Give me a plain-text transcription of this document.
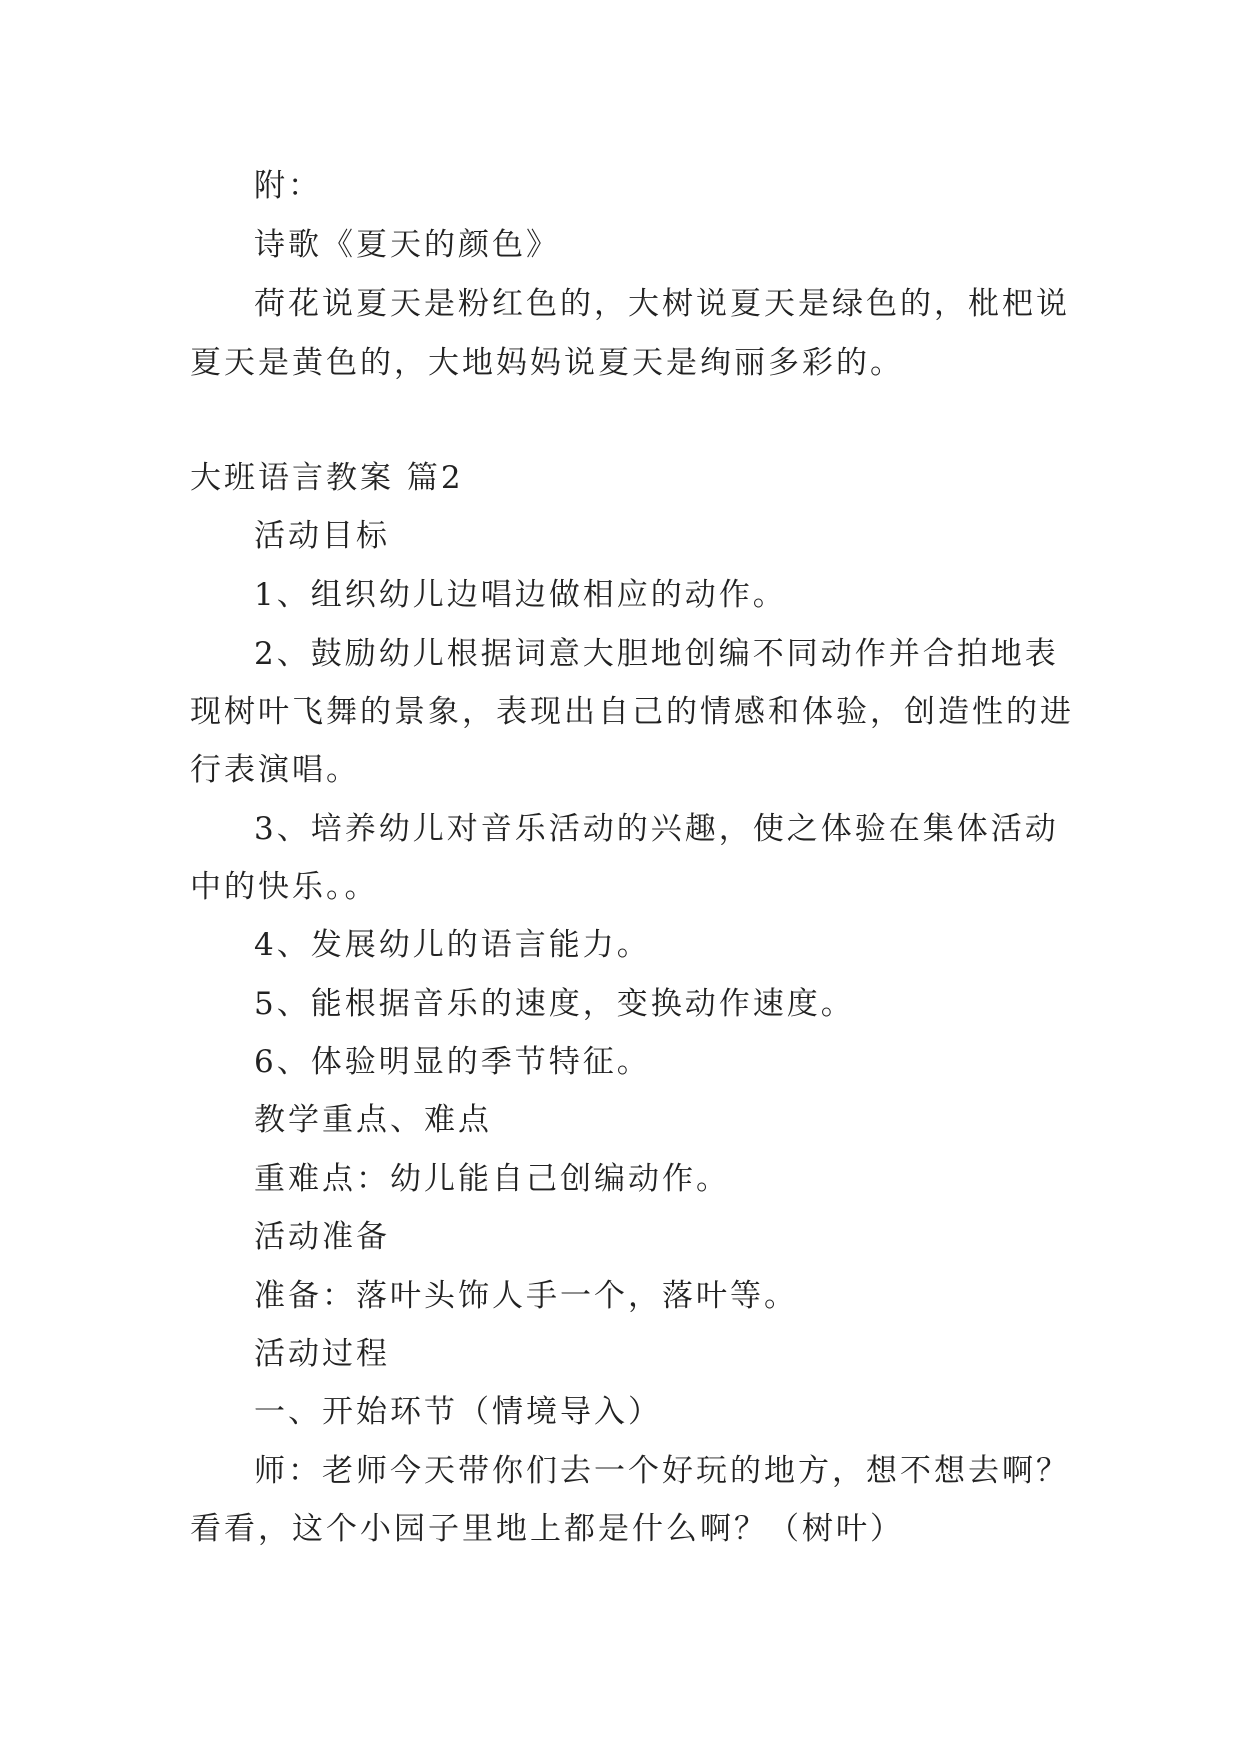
附：
诗歌《夏天的颜色》
荷花说夏天是粉红色的，大树说夏天是绿色的，枇杷说
夏天是黄色的，大地妈妈说夏天是绚丽多彩的。
大班语言教案 篇2
活动目标
1、组织幼儿边唱边做相应的动作。
2、鼓励幼儿根据词意大胆地创编不同动作并合拍地表
现树叶飞舞的景象，表现出自己的情感和体验，创造性的进
行表演唱。
3、培养幼儿对音乐活动的兴趣，使之体验在集体活动
中的快乐。。
4、发展幼儿的语言能力。
5、能根据音乐的速度，变换动作速度。
6、体验明显的季节特征。
教学重点、难点
重难点：幼儿能自己创编动作。
活动准备
准备：落叶头饰人手一个，落叶等。
活动过程
一、开始环节（情境导入）
师：老师今天带你们去一个好玩的地方，想不想去啊？
看看，这个小园子里地上都是什么啊？（树叶）
